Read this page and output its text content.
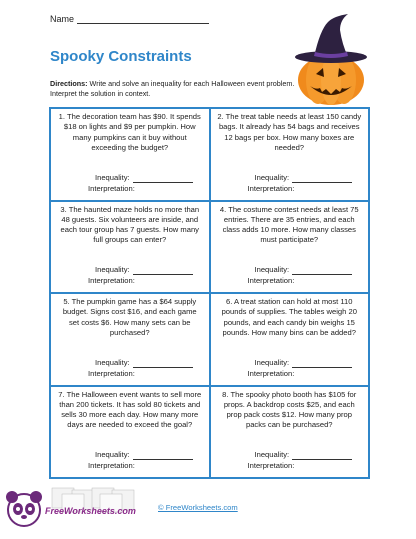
Name
Spooky Constraints
Directions: Write and solve an inequality for each Halloween event problem. Interpret the solution in context.
1. The decoration team has $90. It spends $18 on lights and $9 per pumpkin. How many pumpkins can it buy without exceeding the budget?
Inequality:
Interpretation:
2. The treat table needs at least 150 candy bags. It already has 54 bags and receives 12 bags per box. How many boxes are needed?
Inequality:
Interpretation:
3. The haunted maze holds no more than 48 guests. Six volunteers are inside, and each tour group has 7 guests. How many full groups can enter?
Inequality:
Interpretation:
4. The costume contest needs at least 75 entries. There are 35 entries, and each class adds 10 more. How many classes must participate?
Inequality:
Interpretation:
5. The pumpkin game has a $64 supply budget. Signs cost $16, and each game set costs $6. How many sets can be purchased?
Inequality:
Interpretation:
6. A treat station can hold at most 110 pounds of supplies. The tables weigh 20 pounds, and each candy bin weighs 15 pounds. How many bins can be added?
Inequality:
Interpretation:
7. The Halloween event wants to sell more than 200 tickets. It has sold 80 tickets and sells 30 more each day. How many more days are needed to exceed the goal?
Inequality:
Interpretation:
8. The spooky photo booth has $105 for props. A backdrop costs $25, and each prop pack costs $12. How many prop packs can be purchased?
Inequality:
Interpretation:
FreeWorksheets.com	© FreeWorksheets.com
